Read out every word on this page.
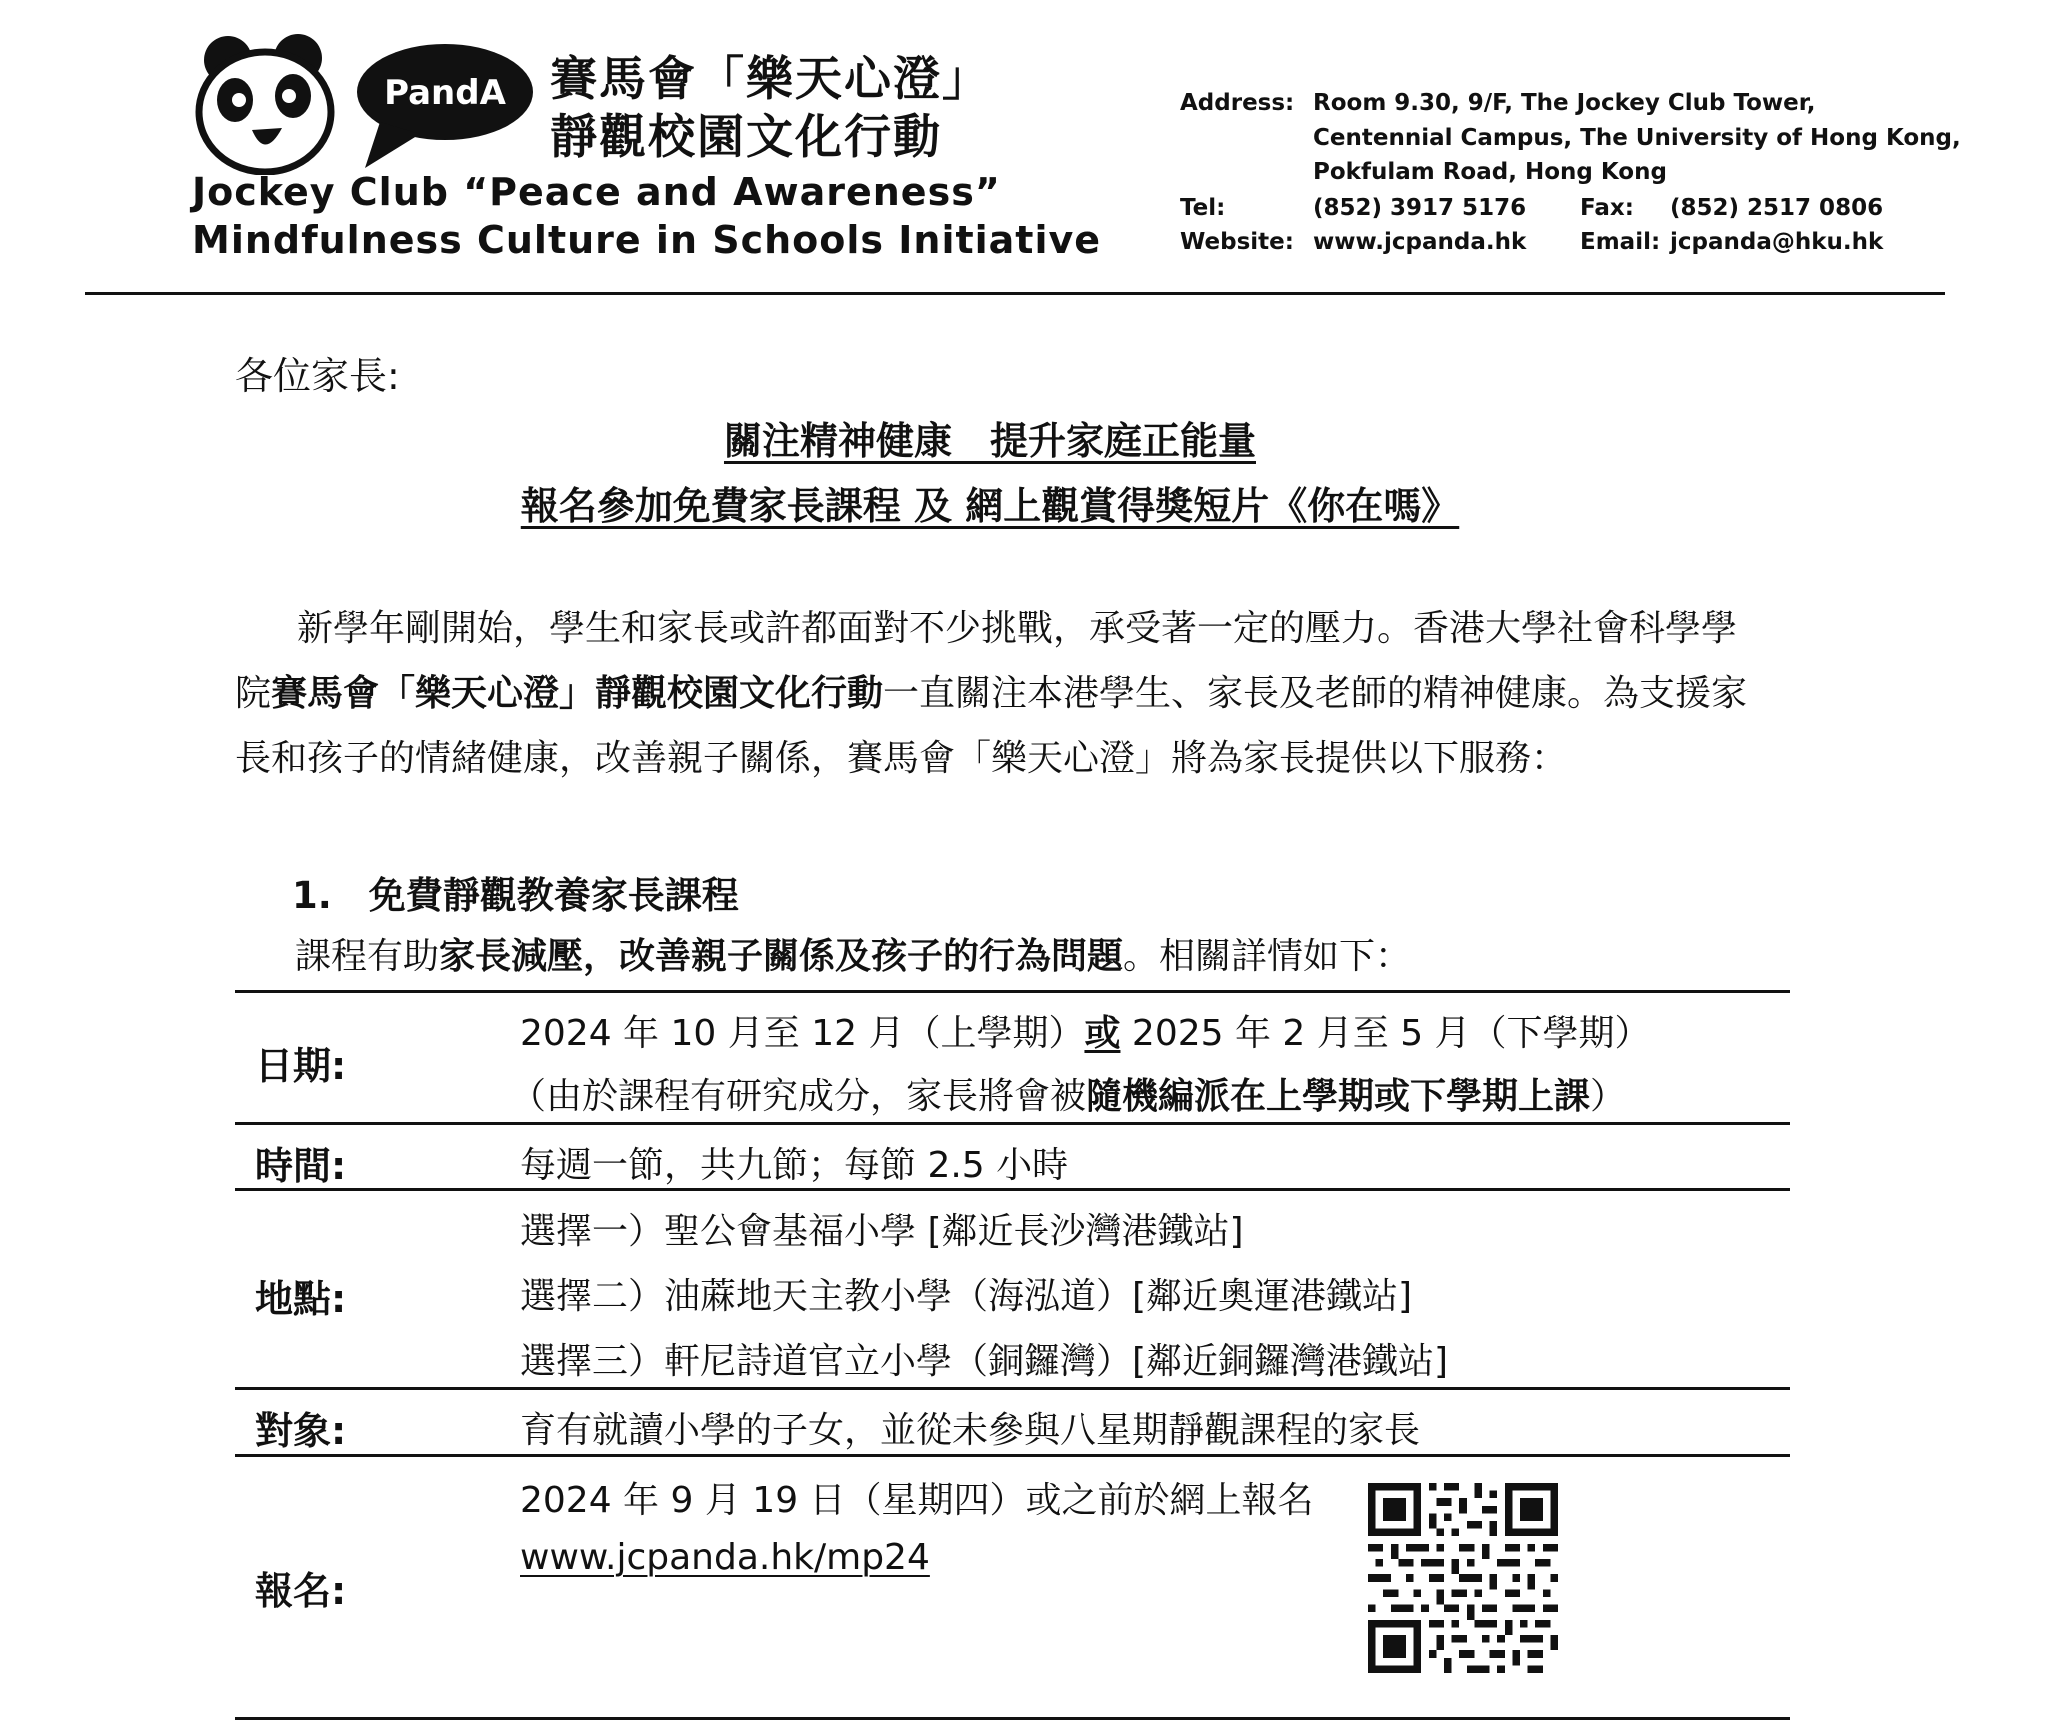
PandA 賽馬會「樂天心澄」
靜觀校園文化行動
Jockey Club “Peace and Awareness”
Mindfulness Culture in Schools Initiative
Address: Room 9.30, 9/F, The Jockey Club Tower,
Centennial Campus, The University of Hong Kong,
Pokfulam Road, Hong Kong
Tel:	(852) 3917 5176 Fax: (852) 2517 0806
Website: www.jcpanda.hk Email: jcpanda@hku.hk
各位家長:
關注精神健康　提升家庭正能量
報名參加免費家長課程 及 網上觀賞得獎短片《你在嗎》
新學年剛開始，學生和家長或許都面對不少挑戰，承受著一定的壓力。香港大學社會科學學
院賽馬會「樂天心澄」靜觀校園文化行動一直關注本港學生、家長及老師的精神健康。為支援家
長和孩子的情緒健康，改善親子關係，賽馬會「樂天心澄」將為家長提供以下服務：
1.　免費靜觀教養家長課程
課程有助家長減壓，改善親子關係及孩子的行為問題。相關詳情如下：
日期:
2024 年 10 月至 12 月（上學期）或 2025 年 2 月至 5 月（下學期）
（由於課程有研究成分，家長將會被隨機編派在上學期或下學期上課）
時間:	每週一節，共九節；每節 2.5 小時
地點:
選擇一）聖公會基福小學 [鄰近長沙灣港鐵站]
選擇二）油蔴地天主教小學（海泓道）[鄰近奧運港鐵站]
選擇三）軒尼詩道官立小學（銅鑼灣）[鄰近銅鑼灣港鐵站]
對象:	育有就讀小學的子女，並從未參與八星期靜觀課程的家長
報名:
2024 年 9 月 19 日（星期四）或之前於網上報名
www.jcpanda.hk/mp24
